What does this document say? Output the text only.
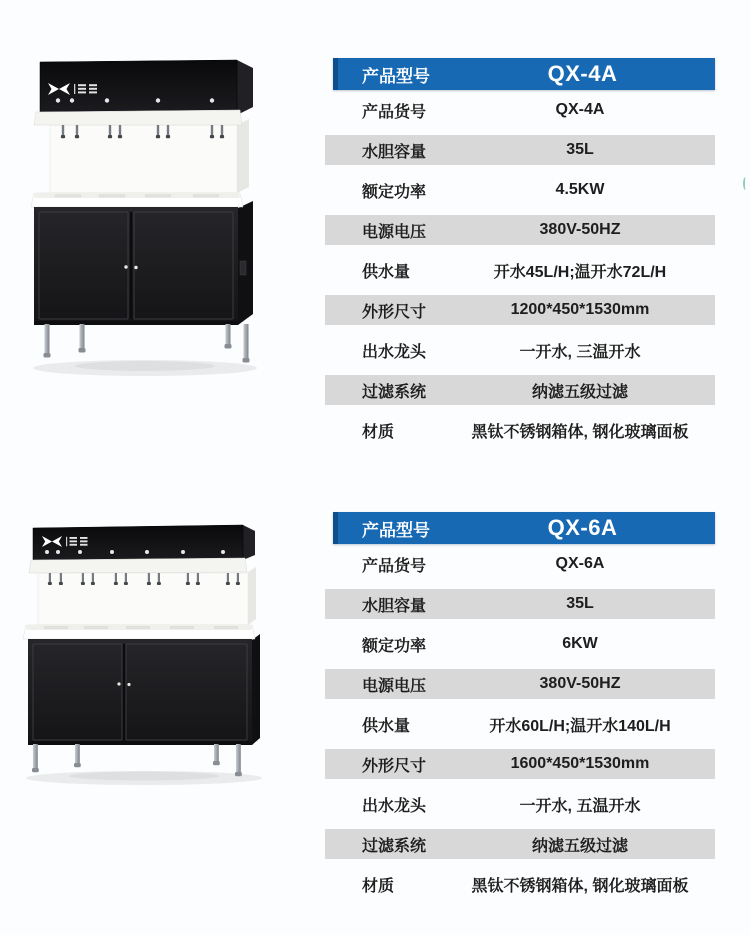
产品型号	QX-4A
产品货号	QX-4A
水胆容量	35L
额定功率	4.5KW
电源电压	380V-50HZ
供水量	开水45L/H;温开水72L/H
外形尺寸	1200*450*1530mm
出水龙头	一开水, 三温开水
过滤系统	纳滤五级过滤
材质	黑钛不锈钢箱体, 钢化玻璃面板
产品型号	QX-6A
产品货号	QX-6A
水胆容量	35L
额定功率	6KW
电源电压	380V-50HZ
供水量	开水60L/H;温开水140L/H
外形尺寸	1600*450*1530mm
出水龙头	一开水, 五温开水
过滤系统	纳滤五级过滤
材质	黑钛不锈钢箱体, 钢化玻璃面板
